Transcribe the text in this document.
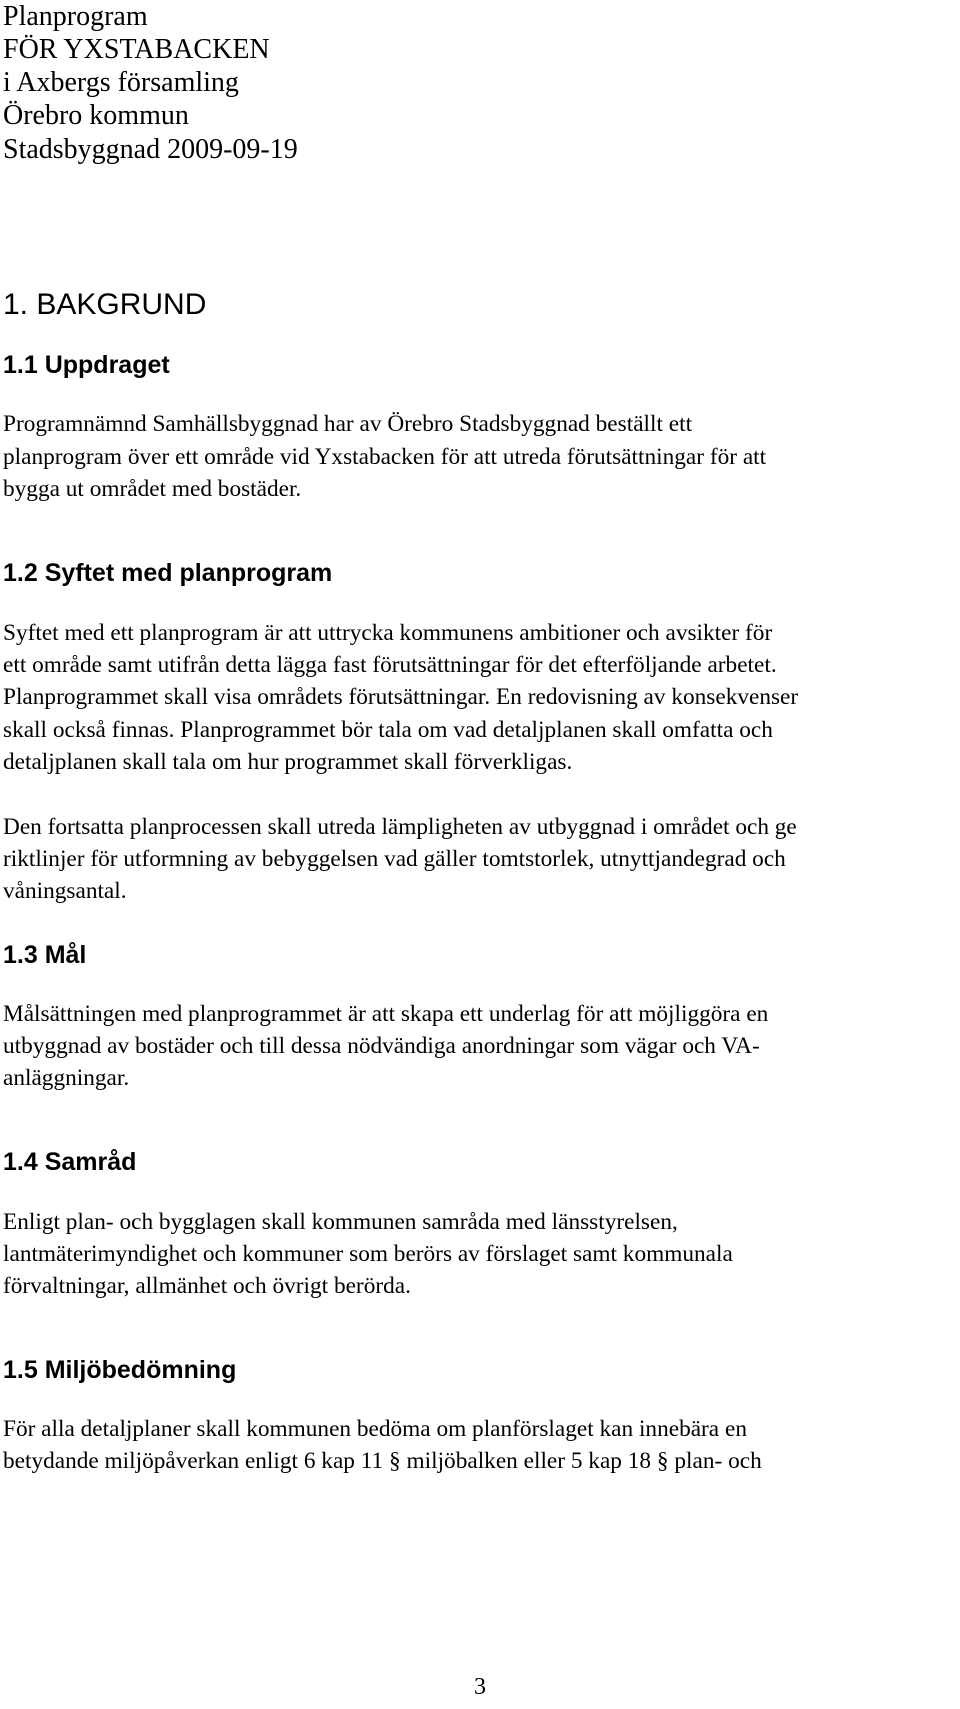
Planprogram
FÖR YXSTABACKEN
i Axbergs församling
Örebro kommun
Stadsbyggnad 2009-09-19
1. BAKGRUND
1.1 Uppdraget
Programnämnd Samhällsbyggnad har av Örebro Stadsbyggnad beställt ett
planprogram över ett område vid Yxstabacken för att utreda förutsättningar för att
bygga ut området med bostäder.
1.2 Syftet med planprogram
Syftet med ett planprogram är att uttrycka kommunens ambitioner och avsikter för
ett område samt utifrån detta lägga fast förutsättningar för det efterföljande arbetet.
Planprogrammet skall visa områdets förutsättningar. En redovisning av konsekvenser
skall också finnas. Planprogrammet bör tala om vad detaljplanen skall omfatta och
detaljplanen skall tala om hur programmet skall förverkligas.
Den fortsatta planprocessen skall utreda lämpligheten av utbyggnad i området och ge
riktlinjer för utformning av bebyggelsen vad gäller tomtstorlek, utnyttjandegrad och
våningsantal.
1.3 Mål
Målsättningen med planprogrammet är att skapa ett underlag för att möjliggöra en
utbyggnad av bostäder och till dessa nödvändiga anordningar som vägar och VA-
anläggningar.
1.4 Samråd
Enligt plan- och bygglagen skall kommunen samråda med länsstyrelsen,
lantmäterimyndighet och kommuner som berörs av förslaget samt kommunala
förvaltningar, allmänhet och övrigt berörda.
1.5 Miljöbedömning
För alla detaljplaner skall kommunen bedöma om planförslaget kan innebära en
betydande miljöpåverkan enligt 6 kap 11 § miljöbalken eller 5 kap 18 § plan- och
3
